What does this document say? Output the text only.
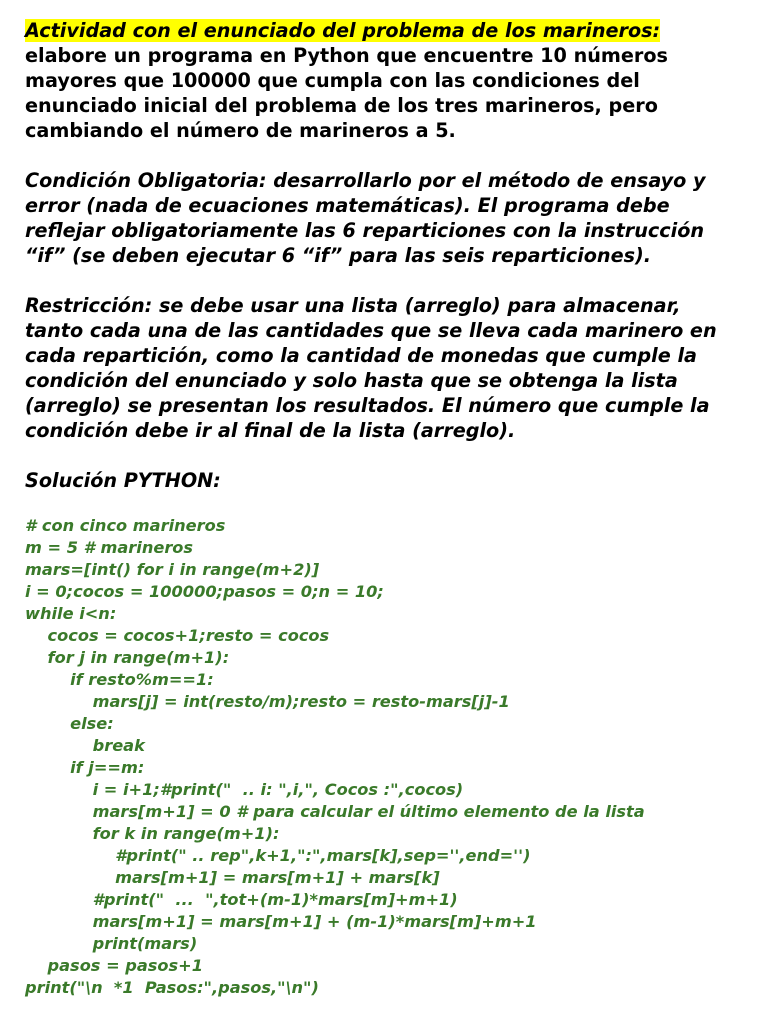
Actividad con el enunciado del problema de los marineros:
elabore un programa en Python que encuentre 10 números
mayores que 100000 que cumpla con las condiciones del
enunciado inicial del problema de los tres marineros, pero
cambiando el número de marineros a 5.
Condición Obligatoria: desarrollarlo por el método de ensayo y
error (nada de ecuaciones matemáticas). El programa debe
reflejar obligatoriamente las 6 reparticiones con la instrucción
“if” (se deben ejecutar 6 “if” para las seis reparticiones).
Restricción: se debe usar una lista (arreglo) para almacenar,
tanto cada una de las cantidades que se lleva cada marinero en
cada repartición, como la cantidad de monedas que cumple la
condición del enunciado y solo hasta que se obtenga la lista
(arreglo) se presentan los resultados. El número que cumple la
condición debe ir al final de la lista (arreglo).
Solución PYTHON:
# con cinco marineros
m = 5 # marineros
mars=[int() for i in range(m+2)]
i = 0;cocos = 100000;pasos = 0;n = 10;
while i<n:
cocos = cocos+1;resto = cocos
for j in range(m+1):
if resto%m==1:
mars[j] = int(resto/m);resto = resto-mars[j]-1
else:
break
if j==m:
i = i+1;#print("  .. i: ",i,", Cocos :",cocos)
mars[m+1] = 0 # para calcular el último elemento de la lista
for k in range(m+1):
#print(" .. rep",k+1,":",mars[k],sep='',end='')
mars[m+1] = mars[m+1] + mars[k]
#print("  ...  ",tot+(m-1)*mars[m]+m+1)
mars[m+1] = mars[m+1] + (m-1)*mars[m]+m+1
print(mars)
pasos = pasos+1
print("\n  *1  Pasos:",pasos,"\n")
